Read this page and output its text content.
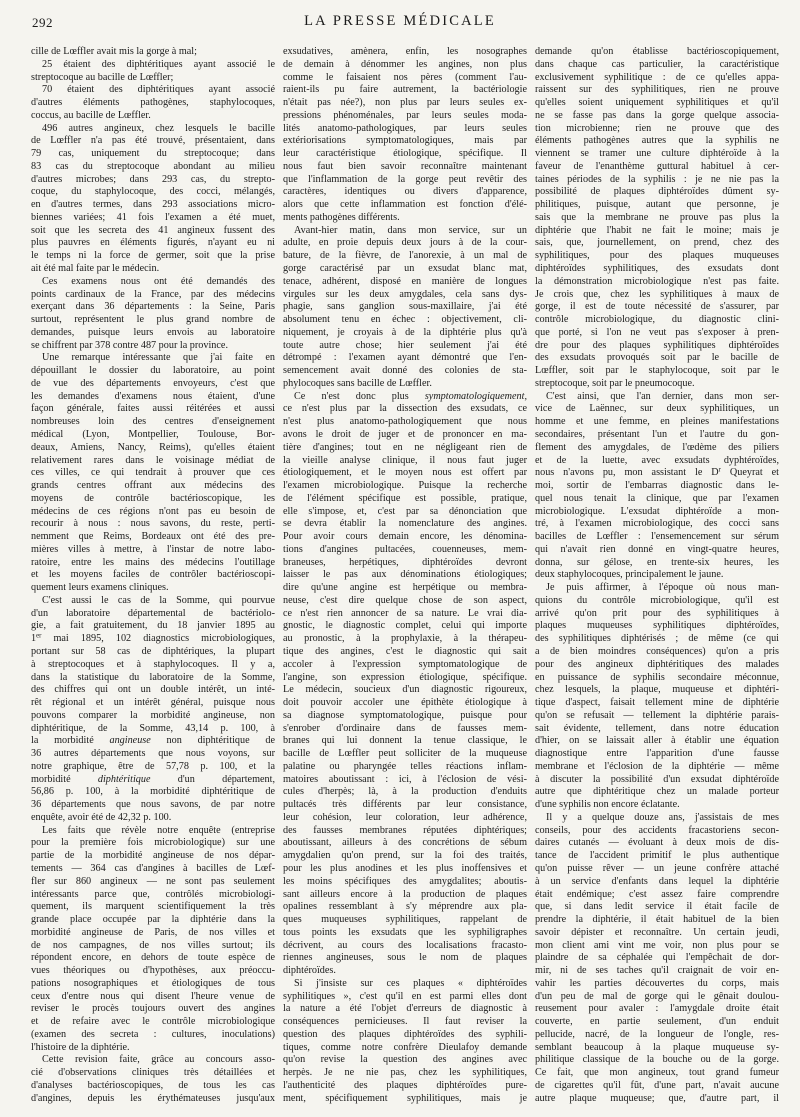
292	LA PRESSE MÉDICALE
cille de Lœffler avait mis la gorge à mal;
25 étaient des diphtéritiques ayant associé le
streptocoque au bacille de Lœffler;
70 étaient des diphtéritiques ayant associé
d'autres éléments pathogènes, staphylocoques,
coccus, au bacille de Lœffler.
496 autres angineux, chez lesquels le bacille
de Lœffler n'a pas été trouvé, présentaient, dans
79 cas, uniquement du streptocoque; dans
83 cas du streptocoque abondant au milieu
d'autres microbes; dans 293 cas, du strepto-
coque, du staphylocoque, des cocci, mélangés,
en d'autres termes, dans 293 associations micro-
biennes variées; 41 fois l'examen a été muet,
soit que les secreta des 41 angineux fussent des
plus pauvres en éléments figurés, n'ayant eu ni
le temps ni la force de germer, soit que la prise
ait été mal faite par le médecin.
Ces examens nous ont été demandés des
points cardinaux de la France, par des médecins
exerçant dans 36 départements : la Seine, Paris
surtout, représentent le plus grand nombre de
demandes, puisque leurs envois au laboratoire
se chiffrent par 378 contre 487 pour la province.
Une remarque intéressante que j'ai faite en
dépouillant le dossier du laboratoire, au point
de vue des départements envoyeurs, c'est que
les demandes d'examens nous étaient, d'une
façon générale, faites aussi réitérées et aussi
nombreuses loin des centres d'enseignement
médical (Lyon, Montpellier, Toulouse, Bor-
deaux, Amiens, Nancy, Reims), qu'elles étaient
relativement rares dans le voisinage médiat de
ces villes, ce qui tendrait à prouver que ces
grands centres offrant aux médecins des
moyens de contrôle bactérioscopique, les
médecins de ces régions n'ont pas eu besoin de
recourir à nous : nous savons, du reste, perti-
nemment que Reims, Bordeaux ont été des pre-
mières villes à mettre, à l'instar de notre labo-
ratoire, entre les mains des médecins l'outillage
et les moyens faciles de contrôler bactérioscopi-
quement leurs examens cliniques.
C'est aussi le cas de la Somme, qui pourvue
d'un laboratoire départemental de bactériolo-
gie, a fait gratuitement, du 18 janvier 1895 au
1er mai 1895, 102 diagnostics microbiologiques,
portant sur 58 cas de diphtériques, la plupart
à streptocoques et à staphylocoques. Il y a,
dans la statistique du laboratoire de la Somme,
des chiffres qui ont un double intérêt, un inté-
rêt régional et un intérêt général, puisque nous
pouvons comparer la morbidité angineuse, non
diphtéritique, de la Somme, 43,14 p. 100, à
la morbidité angineuse non diphtéritique de
36 autres départements que nous voyons, sur
notre graphique, être de 57,78 p. 100, et la
morbidité diphtéritique d'un département,
56,86 p. 100, à la morbidité diphtéritique de
36 départements que nous savons, de par notre
enquête, avoir été de 42,32 p. 100.
Les faits que révèle notre enquête (entreprise
pour la première fois microbiologique) sur une
partie de la morbidité angineuse de nos dépar-
tements — 364 cas d'angines à bacilles de Lœf-
fler sur 860 angineux — ne sont pas seulement
intéressants parce que, contrôlés microbiologi-
quement, ils marquent scientifiquement la très
grande place occupée par la diphtérie dans la
morbidité angineuse de Paris, de nos villes et
de nos campagnes, de nos villes surtout; ils
répondent encore, en dehors de toute espèce de
vues théoriques ou d'hypothèses, aux préoccu-
pations nosographiques et étiologiques de tous
ceux d'entre nous qui disent l'heure venue de
reviser le procès toujours ouvert des angines
et de refaire avec le contrôle microbiologique
(examen des secreta : cultures, inoculations)
l'histoire de la diphtérie.
Cette revision faite, grâce au concours asso-
cié d'observations cliniques très détaillées et
d'analyses bactérioscopiques, de tous les cas
d'angines, depuis les érythémateuses jusqu'aux
exsudatives, amènera, enfin, les nosographes
de demain à dénommer les angines, non plus
comme le faisaient nos pères (comment l'au-
raient-ils pu faire autrement, la bactériologie
n'était pas née?), non plus par leurs seules ex-
pressions phénoménales, par leurs seules moda-
lités anatomo-pathologiques, par leurs seules
extériorisations symptomatologiques, mais par
leur caractéristique étiologique, spécifique. Il
nous faut bien savoir reconnaître maintenant
que l'inflammation de la gorge peut revêtir des
caractères, identiques ou divers d'apparence,
alors que cette inflammation est fonction d'élé-
ments pathogènes différents.
Avant-hier matin, dans mon service, sur un
adulte, en proie depuis deux jours à de la cour-
bature, de la fièvre, de l'anorexie, à un mal de
gorge caractérisé par un exsudat blanc mat,
tenace, adhérent, disposé en manière de longues
virgules sur les deux amygdales, cela sans dys-
phagie, sans ganglion sous-maxillaire, j'ai été
absolument tenu en échec : objectivement, cli-
niquement, je croyais à de la diphtérie plus qu'à
toute autre chose; hier seulement j'ai été
détrompé : l'examen ayant démontré que l'en-
semencement avait donné des colonies de sta-
phylocoques sans bacille de Lœffler.
Ce n'est donc plus symptomatologiquement,
ce n'est plus par la dissection des exsudats, ce
n'est plus anatomo-pathologiquement que nous
avons le droit de juger et de prononcer en ma-
tière d'angines; tout en ne négligeant rien de
la vieille analyse clinique, il nous faut juger
étiologiquement, et le moyen nous est offert par
l'examen microbiologique. Puisque la recherche
de l'élément spécifique est possible, pratique,
elle s'impose, et, c'est par sa dénonciation que
se devra établir la nomenclature des angines.
Pour avoir cours demain encore, les dénomina-
tions d'angines pultacées, couenneuses, mem-
braneuses, herpétiques, diphtéroïdes devront
laisser le pas aux dénominations étiologiques;
dire qu'une angine est herpétique ou membra-
neuse, c'est dire quelque chose de son aspect,
ce n'est rien annoncer de sa nature. Le vrai dia-
gnostic, le diagnostic complet, celui qui importe
au pronostic, à la prophylaxie, à la thérapeu-
tique des angines, c'est le diagnostic qui sait
accoler à l'expression symptomatologique de
l'angine, son expression étiologique, spécifique.
Le médecin, soucieux d'un diagnostic rigoureux,
doit pouvoir accoler une épithète étiologique à
sa diagnose symptomatologique, puisque pour
s'enrober d'ordinaire dans de fausses mem-
branes qui lui donnent la tenue classique, le
bacille de Lœffler peut solliciter de la muqueuse
palatine ou pharyngée telles réactions inflam-
matoires aboutissant : ici, à l'éclosion de vési-
cules d'herpès; là, à la production d'enduits
pultacés très différents par leur consistance,
leur cohésion, leur coloration, leur adhérence,
des fausses membranes réputées diphtériques;
aboutissant, ailleurs à des concrétions de sébum
amygdalien qu'on prend, sur la foi des traités,
pour les plus anodines et les plus inoffensives et
les moins spécifiques des amygdalites; aboutis-
sant ailleurs encore à la production de plaques
opalines ressemblant à s'y méprendre aux pla-
ques muqueuses syphilitiques, rappelant de
tous points les exsudats que les syphiligraphes
décrivent, au cours des localisations fracasto-
riennes angineuses, sous le nom de plaques
diphtéroïdes.
Si j'insiste sur ces plaques « diphtéroïdes
syphilitiques », c'est qu'il en est parmi elles dont
la nature a été l'objet d'erreurs de diagnostic à
conséquences pernicieuses. Il faut reviser la
question des plaques diphtéroïdes des syphili-
tiques, comme notre confrère Dieulafoy demande
qu'on revise la question des angines avec
herpès. Je ne nie pas, chez les syphilitiques,
l'authenticité des plaques diphtéroïdes pure-
ment, spécifiquement syphilitiques, mais je
demande qu'on établisse bactérioscopiquement,
dans chaque cas particulier, la caractéristique
exclusivement syphilitique : de ce qu'elles appa-
raissent sur des syphilitiques, rien ne prouve
qu'elles soient uniquement syphilitiques et qu'il
ne se fasse pas dans la gorge quelque associa-
tion microbienne; rien ne prouve que des
éléments pathogènes autres que la syphilis ne
viennent se tramer une culture diphtéroïde à la
faveur de l'enanthème guttural habituel à cer-
taines périodes de la syphilis : je ne nie pas la
possibilité de plaques diphtéroïdes dûment sy-
philitiques, puisque, autant que personne, je
sais que la membrane ne prouve pas plus la
diphtérie que l'habit ne fait le moine; mais je
sais, que, journellement, on prend, chez des
syphilitiques, pour des plaques muqueuses
diphtéroïdes syphilitiques, des exsudats dont
la démonstration microbiologique n'est pas faite.
Je crois que, chez les syphilitiques à maux de
gorge, il est de toute nécessité de s'assurer, par
contrôle microbiologique, du diagnostic clini-
que porté, si l'on ne veut pas s'exposer à pren-
dre pour des plaques syphilitiques diphtéroïdes
des exsudats provoqués soit par le bacille de
Lœffler, soit par le staphylocoque, soit par le
streptocoque, soit par le pneumocoque.
C'est ainsi, que l'an dernier, dans mon ser-
vice de Laënnec, sur deux syphilitiques, un
homme et une femme, en pleines manifestations
secondaires, présentant l'un et l'autre du gon-
flement des amygdales, de l'œdème des piliers
et de la luette, avec exsudats dyphtéroïdes,
nous n'avons pu, mon assistant le $D^r$ Queyrat et
moi, sortir de l'embarras diagnostic dans le-
quel nous tenait la clinique, que par l'examen
microbiologique. L'exsudat diphtéroïde a mon-
tré, à l'examen microbiologique, des cocci sans
bacilles de Lœffler : l'ensemencement sur sérum
qui n'avait rien donné en vingt-quatre heures,
donna, sur gélose, en trente-six heures, les
deux staphylocoques, principalement le jaune.
Je puis affirmer, à l'époque où nous man-
quions du contrôle microbiologique, qu'il est
arrivé qu'on prit pour des syphilitiques à
plaques muqueuses syphilitiques diphtéroïdes,
des syphilitiques diphtérisés ; de même (ce qui
a de bien moindres conséquences) qu'on a pris
pour des angineux diphtéritiques des malades
en puissance de syphilis secondaire méconnue,
chez lesquels, la plaque, muqueuse et diphtéri-
tique d'aspect, faisait tellement mine de diphtérie
qu'on se refusait — tellement la diphtérie parais-
sait évidente, tellement, dans notre éducation
d'hier, on se laissait aller à établir une équation
diagnostique entre l'apparition d'une fausse
membrane et l'éclosion de la diphtérie — même
à discuter la possibilité d'un exsudat diphtéroïde
autre que diphtéritique chez un malade porteur
d'une syphilis non encore éclatante.
Il y a quelque douze ans, j'assistais de mes
conseils, pour des accidents fracastoriens secon-
daires cutanés — évoluant à deux mois de dis-
tance de l'accident primitif le plus authentique
qu'on puisse rêver — un jeune confrère attaché
à un service d'enfants dans lequel la diphtérie
était endémique; c'est assez faire comprendre
que, si dans ledit service il était facile de
prendre la diphtérie, il était habituel de la bien
savoir dépister et reconnaître. Un certain jeudi,
mon client ami vint me voir, non plus pour se
plaindre de sa céphalée qui l'empêchait de dor-
mir, ni de ses taches qu'il craignait de voir en-
vahir les parties découvertes du corps, mais
d'un peu de mal de gorge qui le gênait doulou-
reusement pour avaler : l'amygdale droite était
couverte, en partie seulement, d'un enduit
pellucide, nacré, de la longueur de l'ongle, res-
semblant beaucoup à la plaque muqueuse sy-
philitique classique de la bouche ou de la gorge.
Ce fait, que mon angineux, tout grand fumeur
de cigarettes qu'il fût, d'une part, n'avait aucune
autre plaque muqueuse; que, d'autre part, il
